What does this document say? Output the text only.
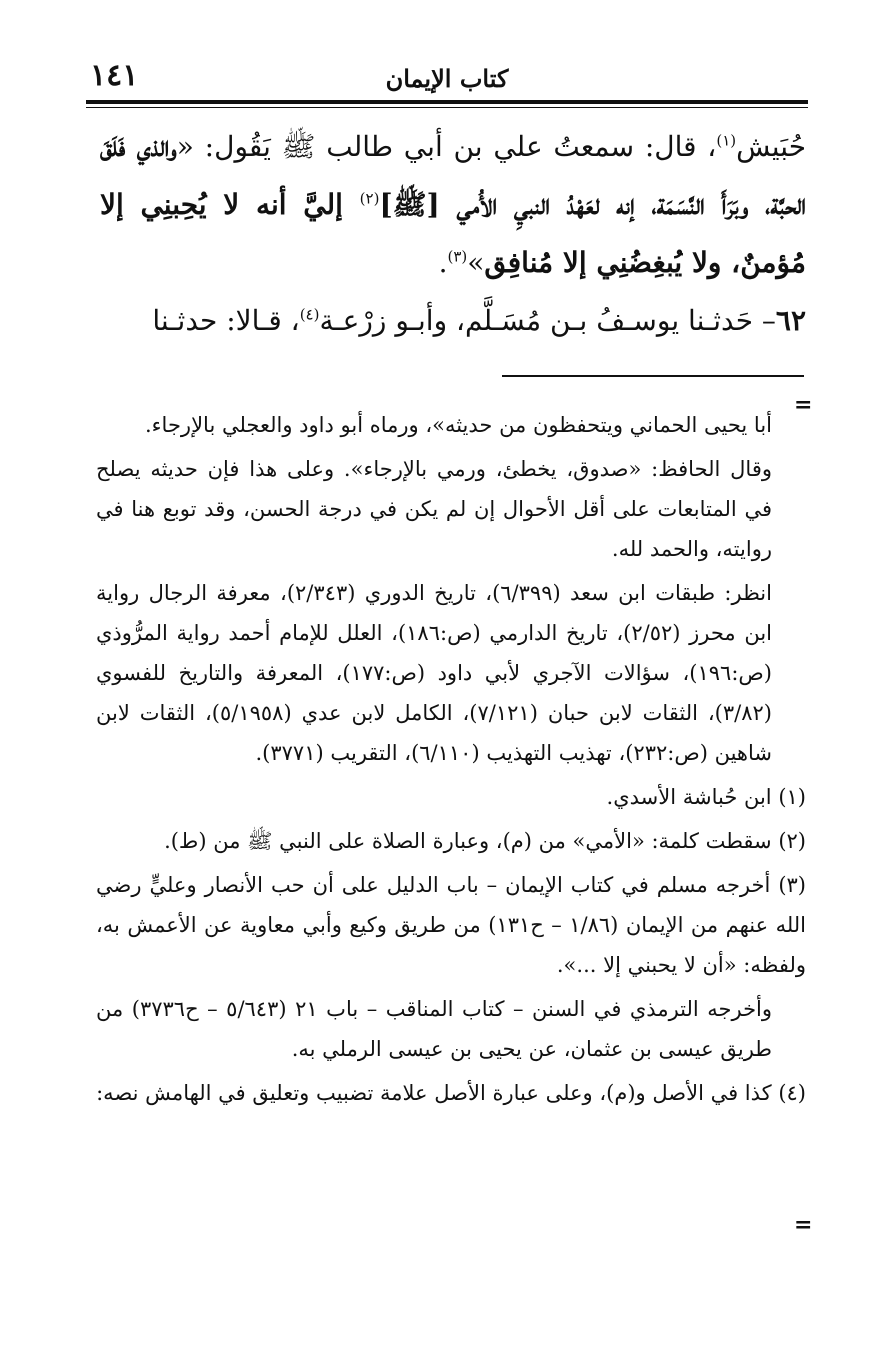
١٤١	كتاب الإيمان

حُبَيش$^{(١)}$، قال: سمعتُ علي بن أبي طالب ﷺ يَقُول: «والذي فَلَقَ الحبَّة، وبَرَأَ النَّسَمَة، إنه لعَهْدُ النبيِ الأُمي [ﷺ]$^{(٢)}$ إليَّ أنه لا يُحِبنِي إلا مُؤمنٌ، ولا يُبغِضُنِي إلا مُنافِق»$^{(٣)}$.

٦٢– حَدثـنا يوسـفُ بـن مُسَـلَّم، وأبـو زرْعـة$^{(٤)}$، قـالا: حدثـنا

=

أبا يحيى الحماني ويتحفظون من حديثه»، ورماه أبو داود والعجلي بالإرجاء.

وقال الحافظ: «صدوق، يخطئ، ورمي بالإرجاء». وعلى هذا فإن حديثه يصلح في المتابعات على أقل الأحوال إن لم يكن في درجة الحسن، وقد توبع هنا في روايته، والحمد لله.

انظر: طبقات ابن سعد (٦/٣٩٩)، تاريخ الدوري (٢/٣٤٣)، معرفة الرجال رواية ابن محرز (٢/٥٢)، تاريخ الدارمي (ص:١٨٦)، العلل للإمام أحمد رواية المرُّوذي (ص:١٩٦)، سؤالات الآجري لأبي داود (ص:١٧٧)، المعرفة والتاريخ للفسوي (٣/٨٢)، الثقات لابن حبان (٧/١٢١)، الكامل لابن عدي (٥/١٩٥٨)، الثقات لابن شاهين (ص:٢٣٢)، تهذيب التهذيب (٦/١١٠)، التقريب (٣٧٧١).

(١) ابن حُباشة الأسدي.

(٢) سقطت كلمة: «الأمي» من (م)، وعبارة الصلاة على النبي ﷺ من (ط).

(٣) أخرجه مسلم في كتاب الإيمان – باب الدليل على أن حب الأنصار وعليٍّ رضي الله عنهم من الإيمان (١/٨٦ – ح١٣١) من طريق وكيع وأبي معاوية عن الأعمش به، ولفظه: «أن لا يحبني إلا ...».

وأخرجه الترمذي في السنن – كتاب المناقب – باب ٢١ (٥/٦٤٣ – ح٣٧٣٦) من طريق عيسى بن عثمان، عن يحيى بن عيسى الرملي به.

(٤) كذا في الأصل و(م)، وعلى عبارة الأصل علامة تضبيب وتعليق في الهامش نصه:

=
